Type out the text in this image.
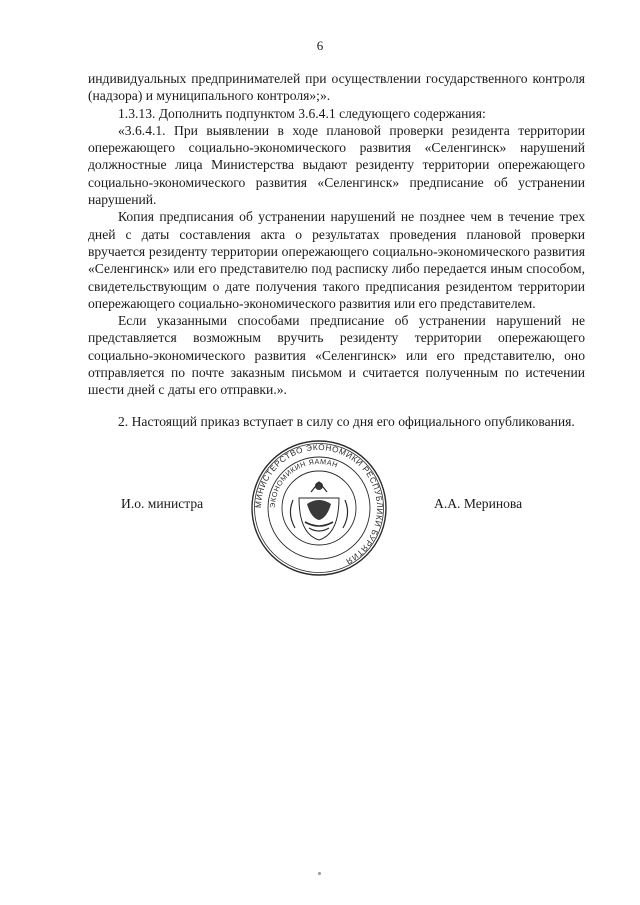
6

индивидуальных предпринимателей при осуществлении государственного контроля (надзора) и муниципального контроля»;».

1.3.13. Дополнить подпунктом 3.6.4.1 следующего содержания:

«3.6.4.1. При выявлении в ходе плановой проверки резидента территории опережающего социально-экономического развития «Селенгинск» нарушений должностные лица Министерства выдают резиденту территории опережающего социально-экономического развития «Селенгинск» предписание об устранении нарушений.

Копия предписания об устранении нарушений не позднее чем в течение трех дней с даты составления акта о результатах проведения плановой проверки вручается резиденту территории опережающего социально-экономического развития «Селенгинск» или его представителю под расписку либо передается иным способом, свидетельствующим о дате получения такого предписания резидентом территории опережающего социально-экономического развития или его представителем.

Если указанными способами предписание об устранении нарушений не представляется возможным вручить резиденту территории опережающего социально-экономического развития «Селенгинск» или его представителю, оно отправляется по почте заказным письмом и считается полученным по истечении шести дней с даты его отправки.».

2. Настоящий приказ вступает в силу со дня его официального опубликования.

И.о. министра	А.А. Меринова
МИНИСТЕРСТВО ЭКОНОМИКИ РЕСПУБЛИКИ БУРЯТИЯ
ЭКОНОМИКИН ЯАМАН
